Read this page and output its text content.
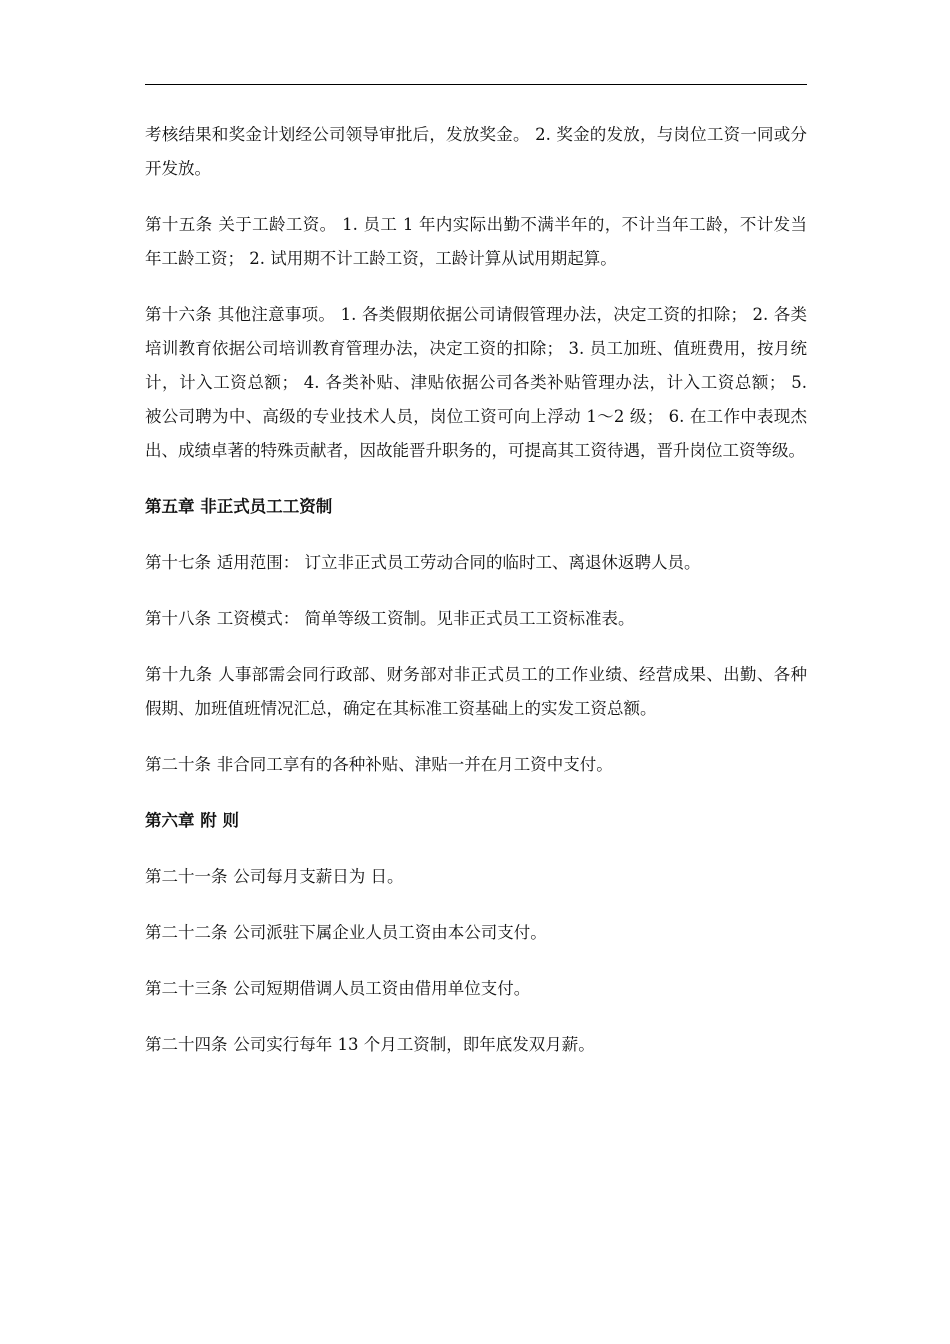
考核结果和奖金计划经公司领导审批后，发放奖金。 2. 奖金的发放，与岗位工资一同或分开发放。

第十五条 关于工龄工资。 1. 员工 1 年内实际出勤不满半年的，不计当年工龄，不计发当年工龄工资； 2. 试用期不计工龄工资，工龄计算从试用期起算。

第十六条 其他注意事项。 1. 各类假期依据公司请假管理办法，决定工资的扣除； 2. 各类培训教育依据公司培训教育管理办法，决定工资的扣除； 3. 员工加班、值班费用，按月统计，计入工资总额； 4. 各类补贴、津贴依据公司各类补贴管理办法，计入工资总额； 5. 被公司聘为中、高级的专业技术人员，岗位工资可向上浮动 1～2 级； 6. 在工作中表现杰出、成绩卓著的特殊贡献者，因故能晋升职务的，可提高其工资待遇，晋升岗位工资等级。

第五章 非正式员工工资制

第十七条 适用范围： 订立非正式员工劳动合同的临时工、离退休返聘人员。

第十八条 工资模式： 简单等级工资制。见非正式员工工资标准表。

第十九条 人事部需会同行政部、财务部对非正式员工的工作业绩、经营成果、出勤、各种假期、加班值班情况汇总，确定在其标准工资基础上的实发工资总额。

第二十条 非合同工享有的各种补贴、津贴一并在月工资中支付。

第六章 附 则

第二十一条 公司每月支薪日为 日。

第二十二条 公司派驻下属企业人员工资由本公司支付。

第二十三条 公司短期借调人员工资由借用单位支付。

第二十四条 公司实行每年 13 个月工资制，即年底发双月薪。
